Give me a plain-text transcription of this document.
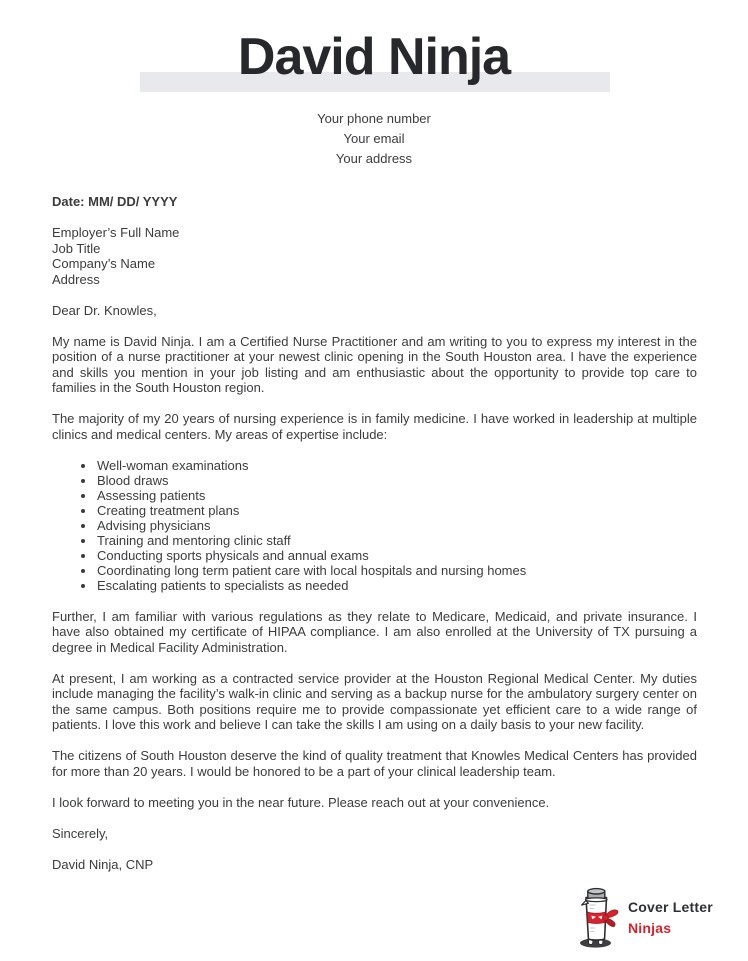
David Ninja
Your phone number
Your email
Your address

Date: MM/ DD/ YYYY

Employer’s Full Name
Job Title
Company’s Name
Address

Dear Dr. Knowles,

My name is David Ninja. I am a Certified Nurse Practitioner and am writing to you to express my interest in the position of a nurse practitioner at your newest clinic opening in the South Houston area. I have the experience and skills you mention in your job listing and am enthusiastic about the opportunity to provide top care to families in the South Houston region.

The majority of my 20 years of nursing experience is in family medicine. I have worked in leadership at multiple clinics and medical centers. My areas of expertise include:

• Well-woman examinations
• Blood draws
• Assessing patients
• Creating treatment plans
• Advising physicians
• Training and mentoring clinic staff
• Conducting sports physicals and annual exams
• Coordinating long term patient care with local hospitals and nursing homes
• Escalating patients to specialists as needed

Further, I am familiar with various regulations as they relate to Medicare, Medicaid, and private insurance. I have also obtained my certificate of HIPAA compliance. I am also enrolled at the University of TX pursuing a degree in Medical Facility Administration.

At present, I am working as a contracted service provider at the Houston Regional Medical Center. My duties include managing the facility’s walk-in clinic and serving as a backup nurse for the ambulatory surgery center on the same campus. Both positions require me to provide compassionate yet efficient care to a wide range of patients. I love this work and believe I can take the skills I am using on a daily basis to your new facility.

The citizens of South Houston deserve the kind of quality treatment that Knowles Medical Centers has provided for more than 20 years. I would be honored to be a part of your clinical leadership team.

I look forward to meeting you in the near future. Please reach out at your convenience.

Sincerely,

David Ninja, CNP

Cover Letter
Ninjas
